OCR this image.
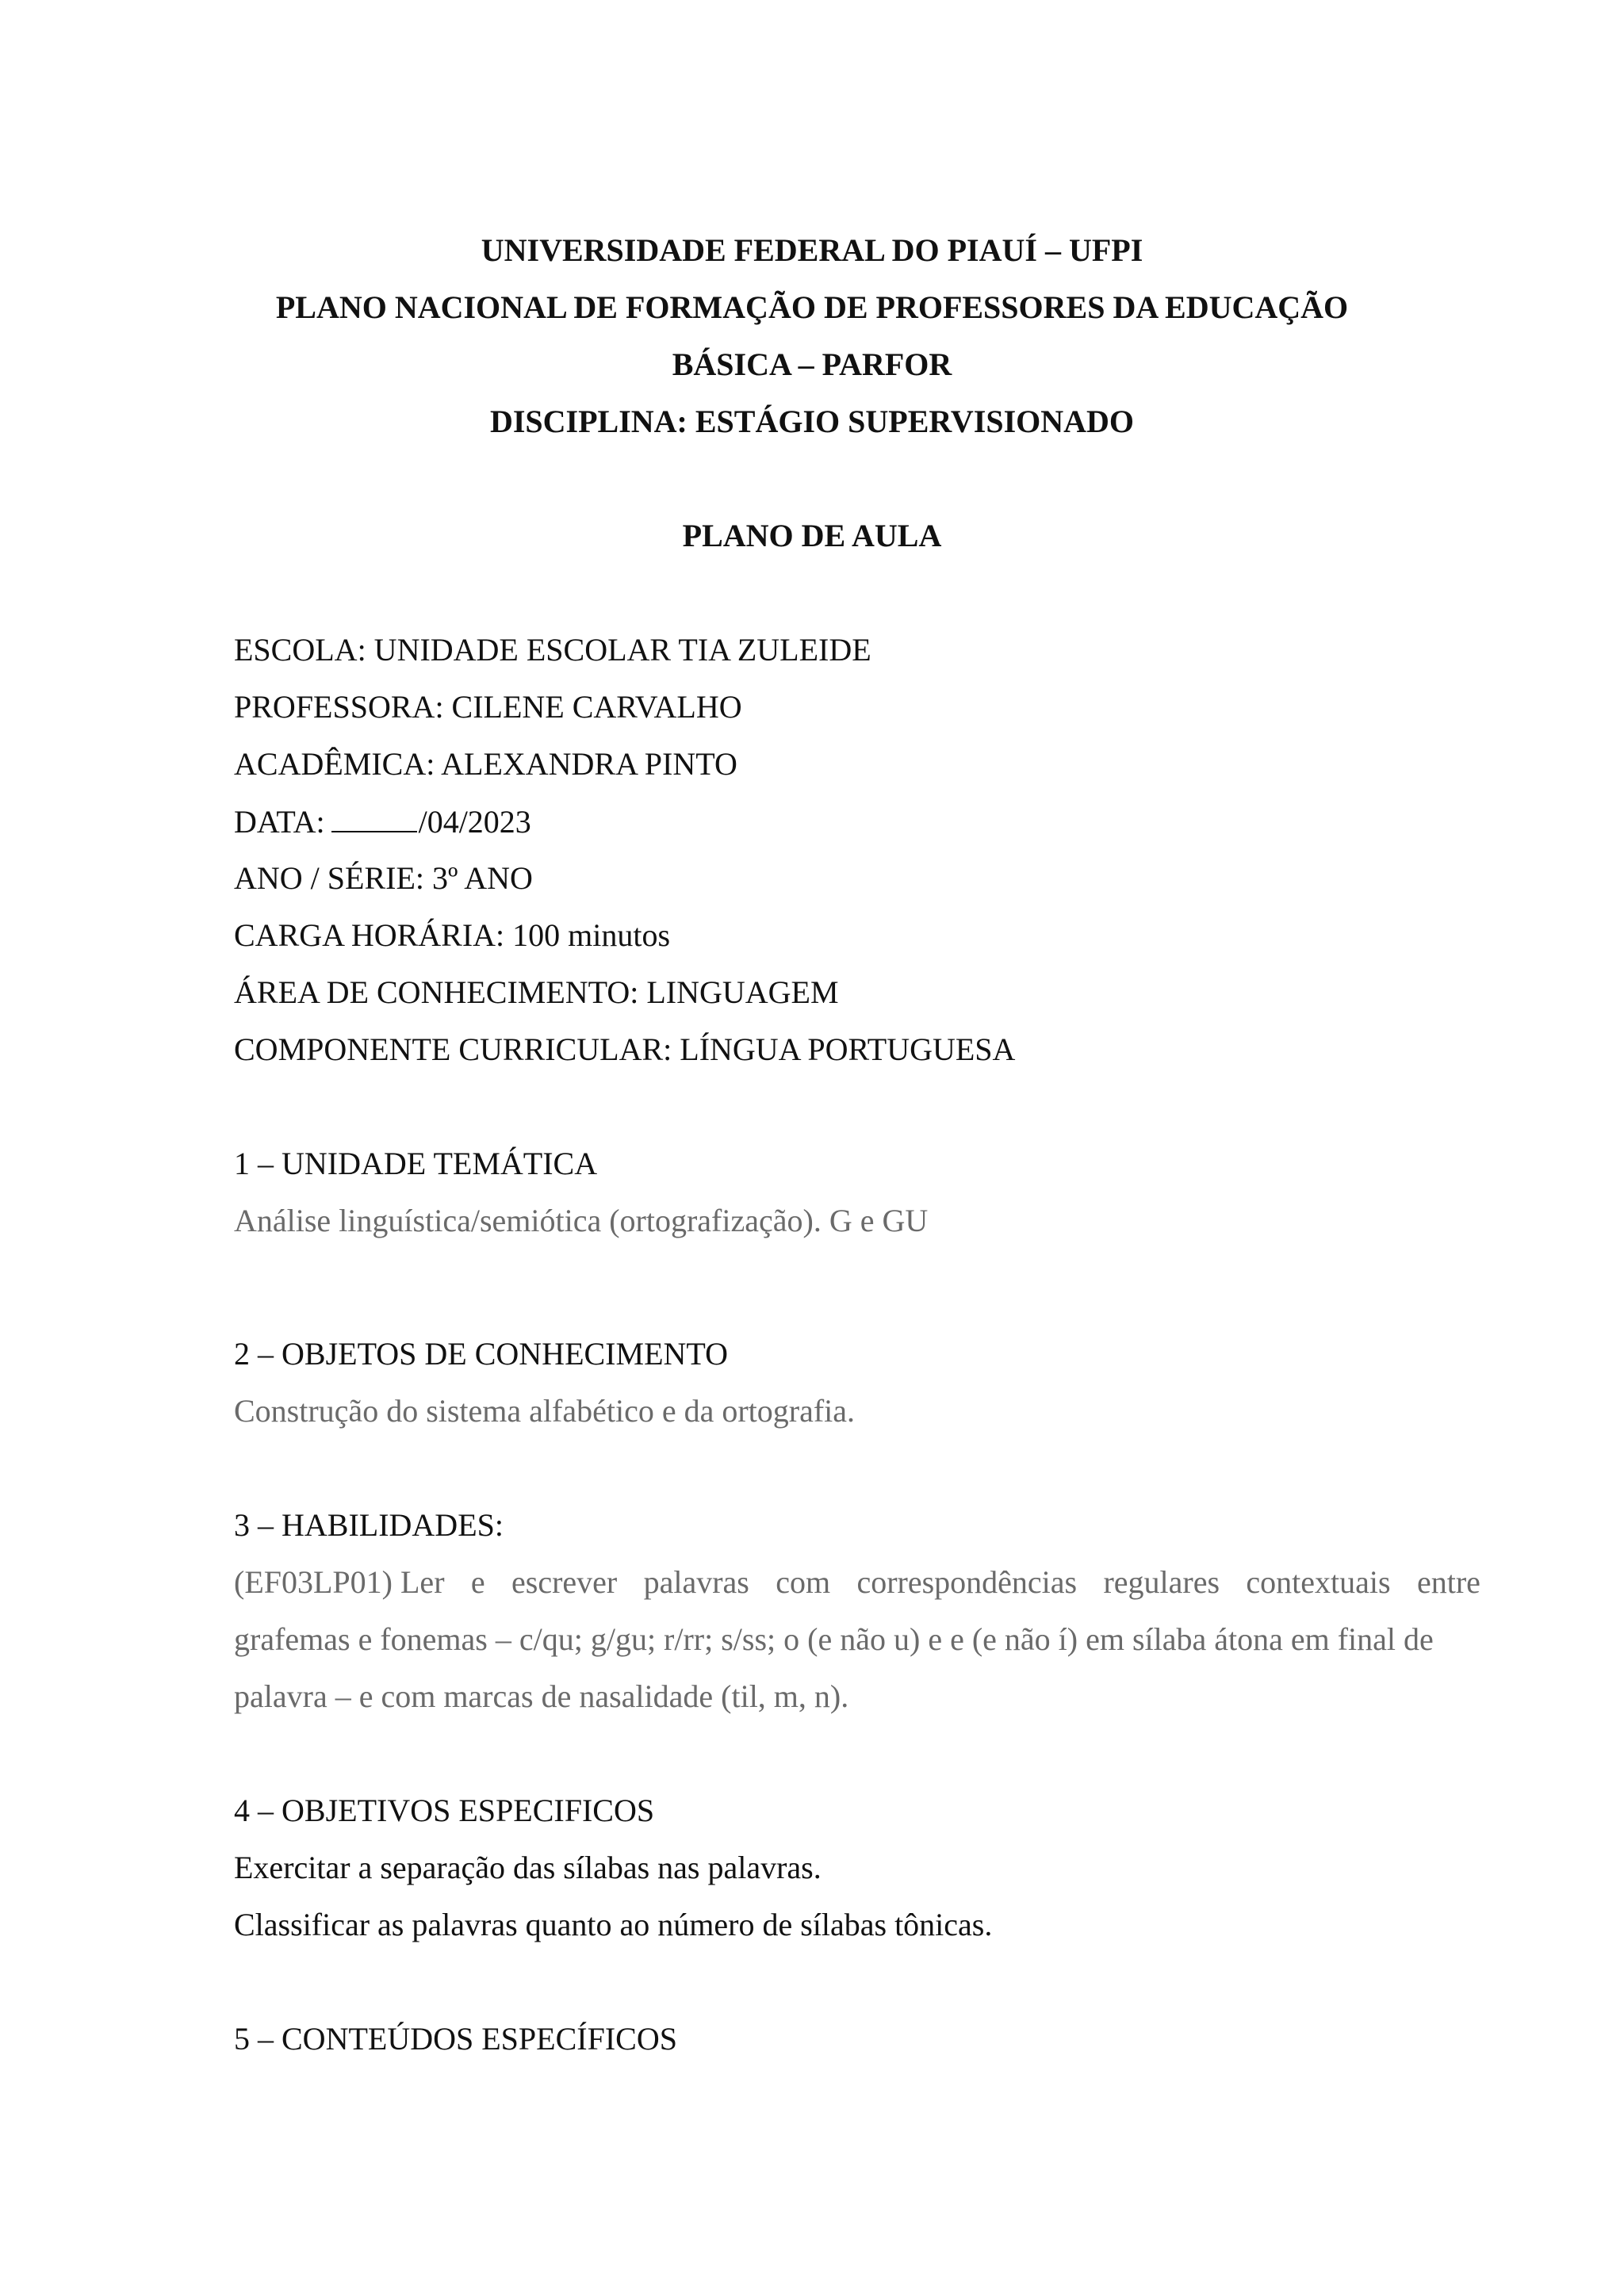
UNIVERSIDADE FEDERAL DO PIAUÍ – UFPI
PLANO NACIONAL DE FORMAÇÃO DE PROFESSORES DA EDUCAÇÃO
BÁSICA – PARFOR
DISCIPLINA: ESTÁGIO SUPERVISIONADO
PLANO DE AULA
ESCOLA: UNIDADE ESCOLAR TIA ZULEIDE
PROFESSORA: CILENE CARVALHO
ACADÊMICA: ALEXANDRA PINTO
DATA:	/04/2023
ANO / SÉRIE: 3º ANO
CARGA HORÁRIA: 100 minutos
ÁREA DE CONHECIMENTO: LINGUAGEM
COMPONENTE CURRICULAR: LÍNGUA PORTUGUESA
1 – UNIDADE TEMÁTICA
Análise linguística/semiótica (ortografização). G e GU
2 – OBJETOS DE CONHECIMENTO
Construção do sistema alfabético e da ortografia.
3 – HABILIDADES:
(EF03LP01) Ler e escrever palavras com correspondências regulares contextuais entre
grafemas e fonemas – c/qu; g/gu; r/rr; s/ss; o (e não u) e e (e não í) em sílaba átona em final de
palavra – e com marcas de nasalidade (til, m, n).
4 – OBJETIVOS ESPECIFICOS
Exercitar a separação das sílabas nas palavras.
Classificar as palavras quanto ao número de sílabas tônicas.
5 – CONTEÚDOS ESPECÍFICOS
